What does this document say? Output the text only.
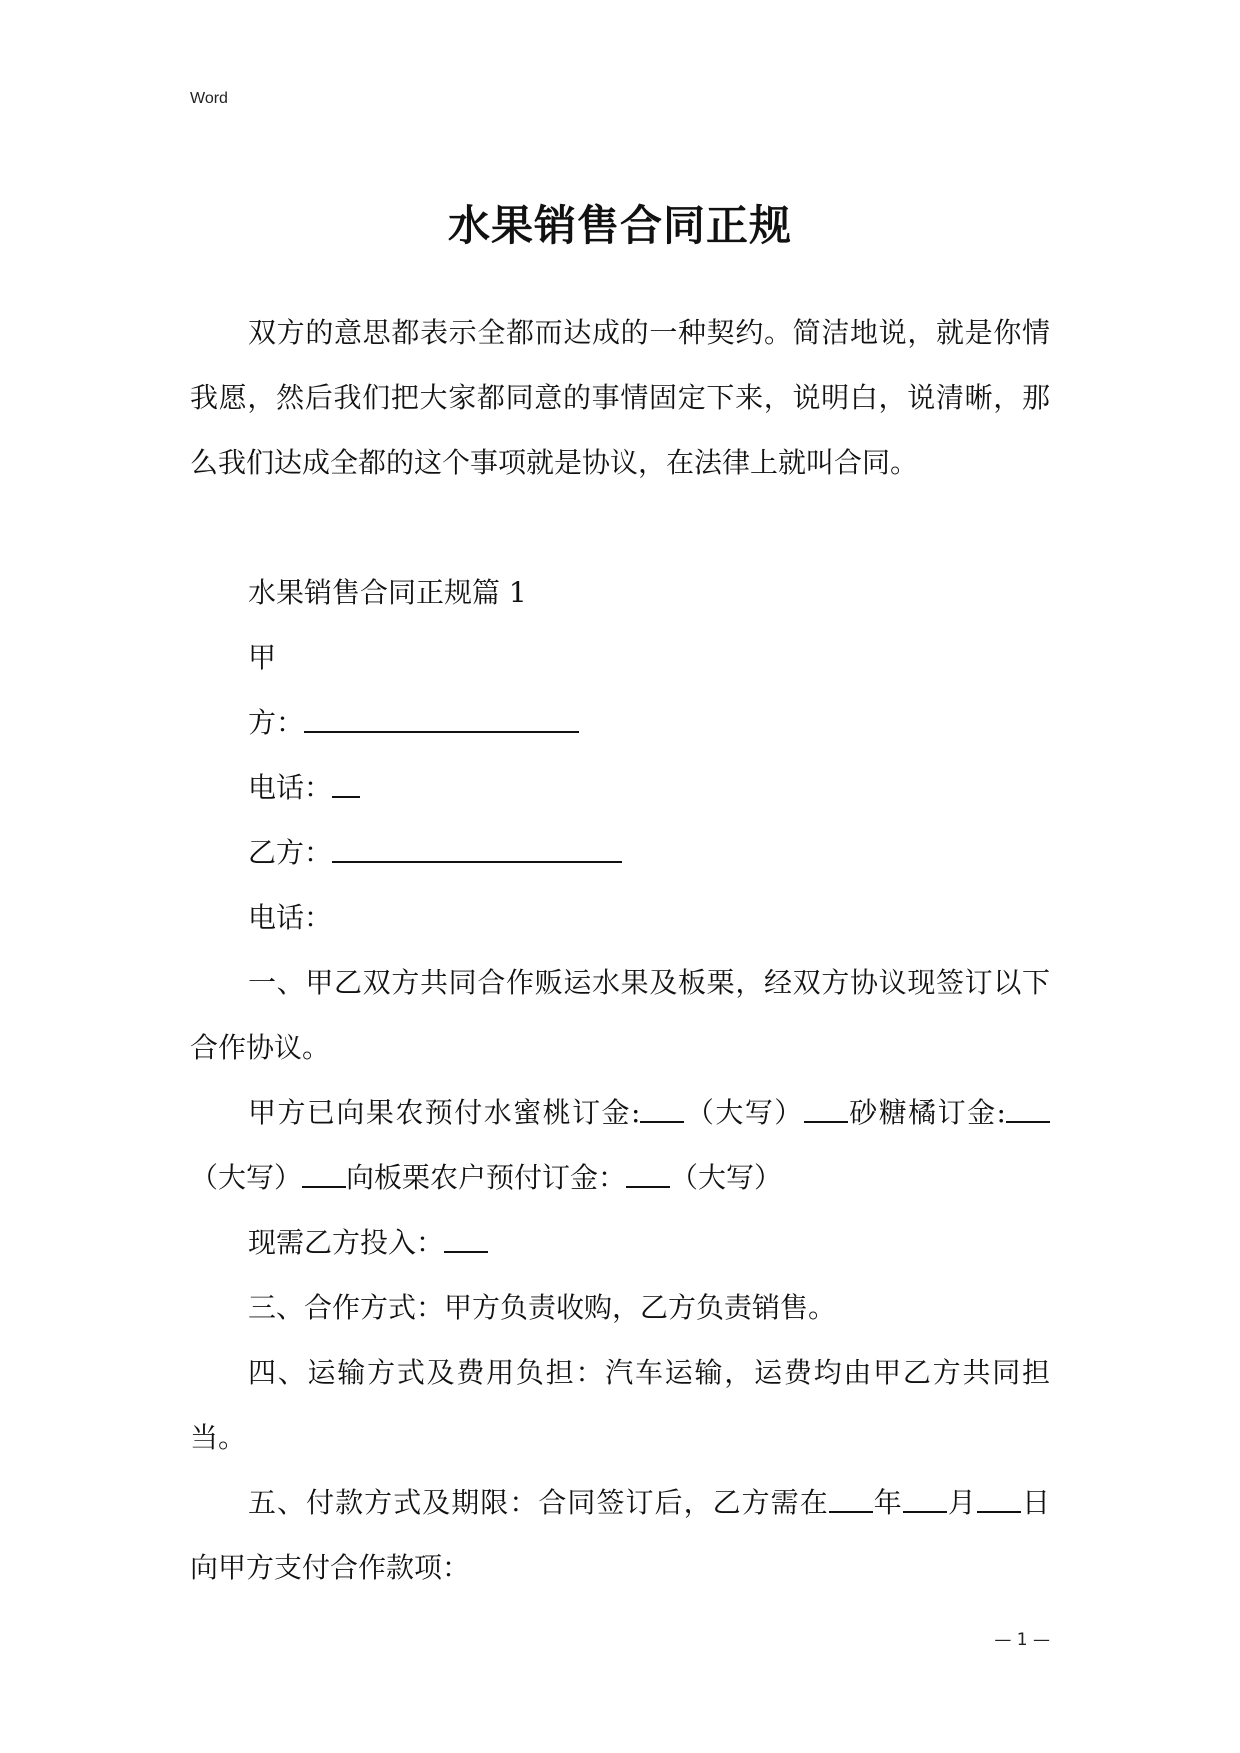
Word
水果销售合同正规

双方的意思都表示全都而达成的一种契约。简洁地说，就是你情我愿，然后我们把大家都同意的事情固定下来，说明白，说清晰，那么我们达成全都的这个事项就是协议，在法律上就叫合同。

水果销售合同正规篇 1

甲

方：

电话：

乙方：

电话：

一、甲乙双方共同合作贩运水果及板栗，经双方协议现签订以下合作协议。

甲方已向果农预付水蜜桃订金: （大写） 砂糖橘订金:（大写） 向板栗农户预付订金： （大写）

现需乙方投入：

三、合作方式：甲方负责收购，乙方负责销售。

四、运输方式及费用负担：汽车运输，运费均由甲乙方共同担当。

五、付款方式及期限：合同签订后，乙方需在 年 月 日向甲方支付合作款项：

— 1 —
